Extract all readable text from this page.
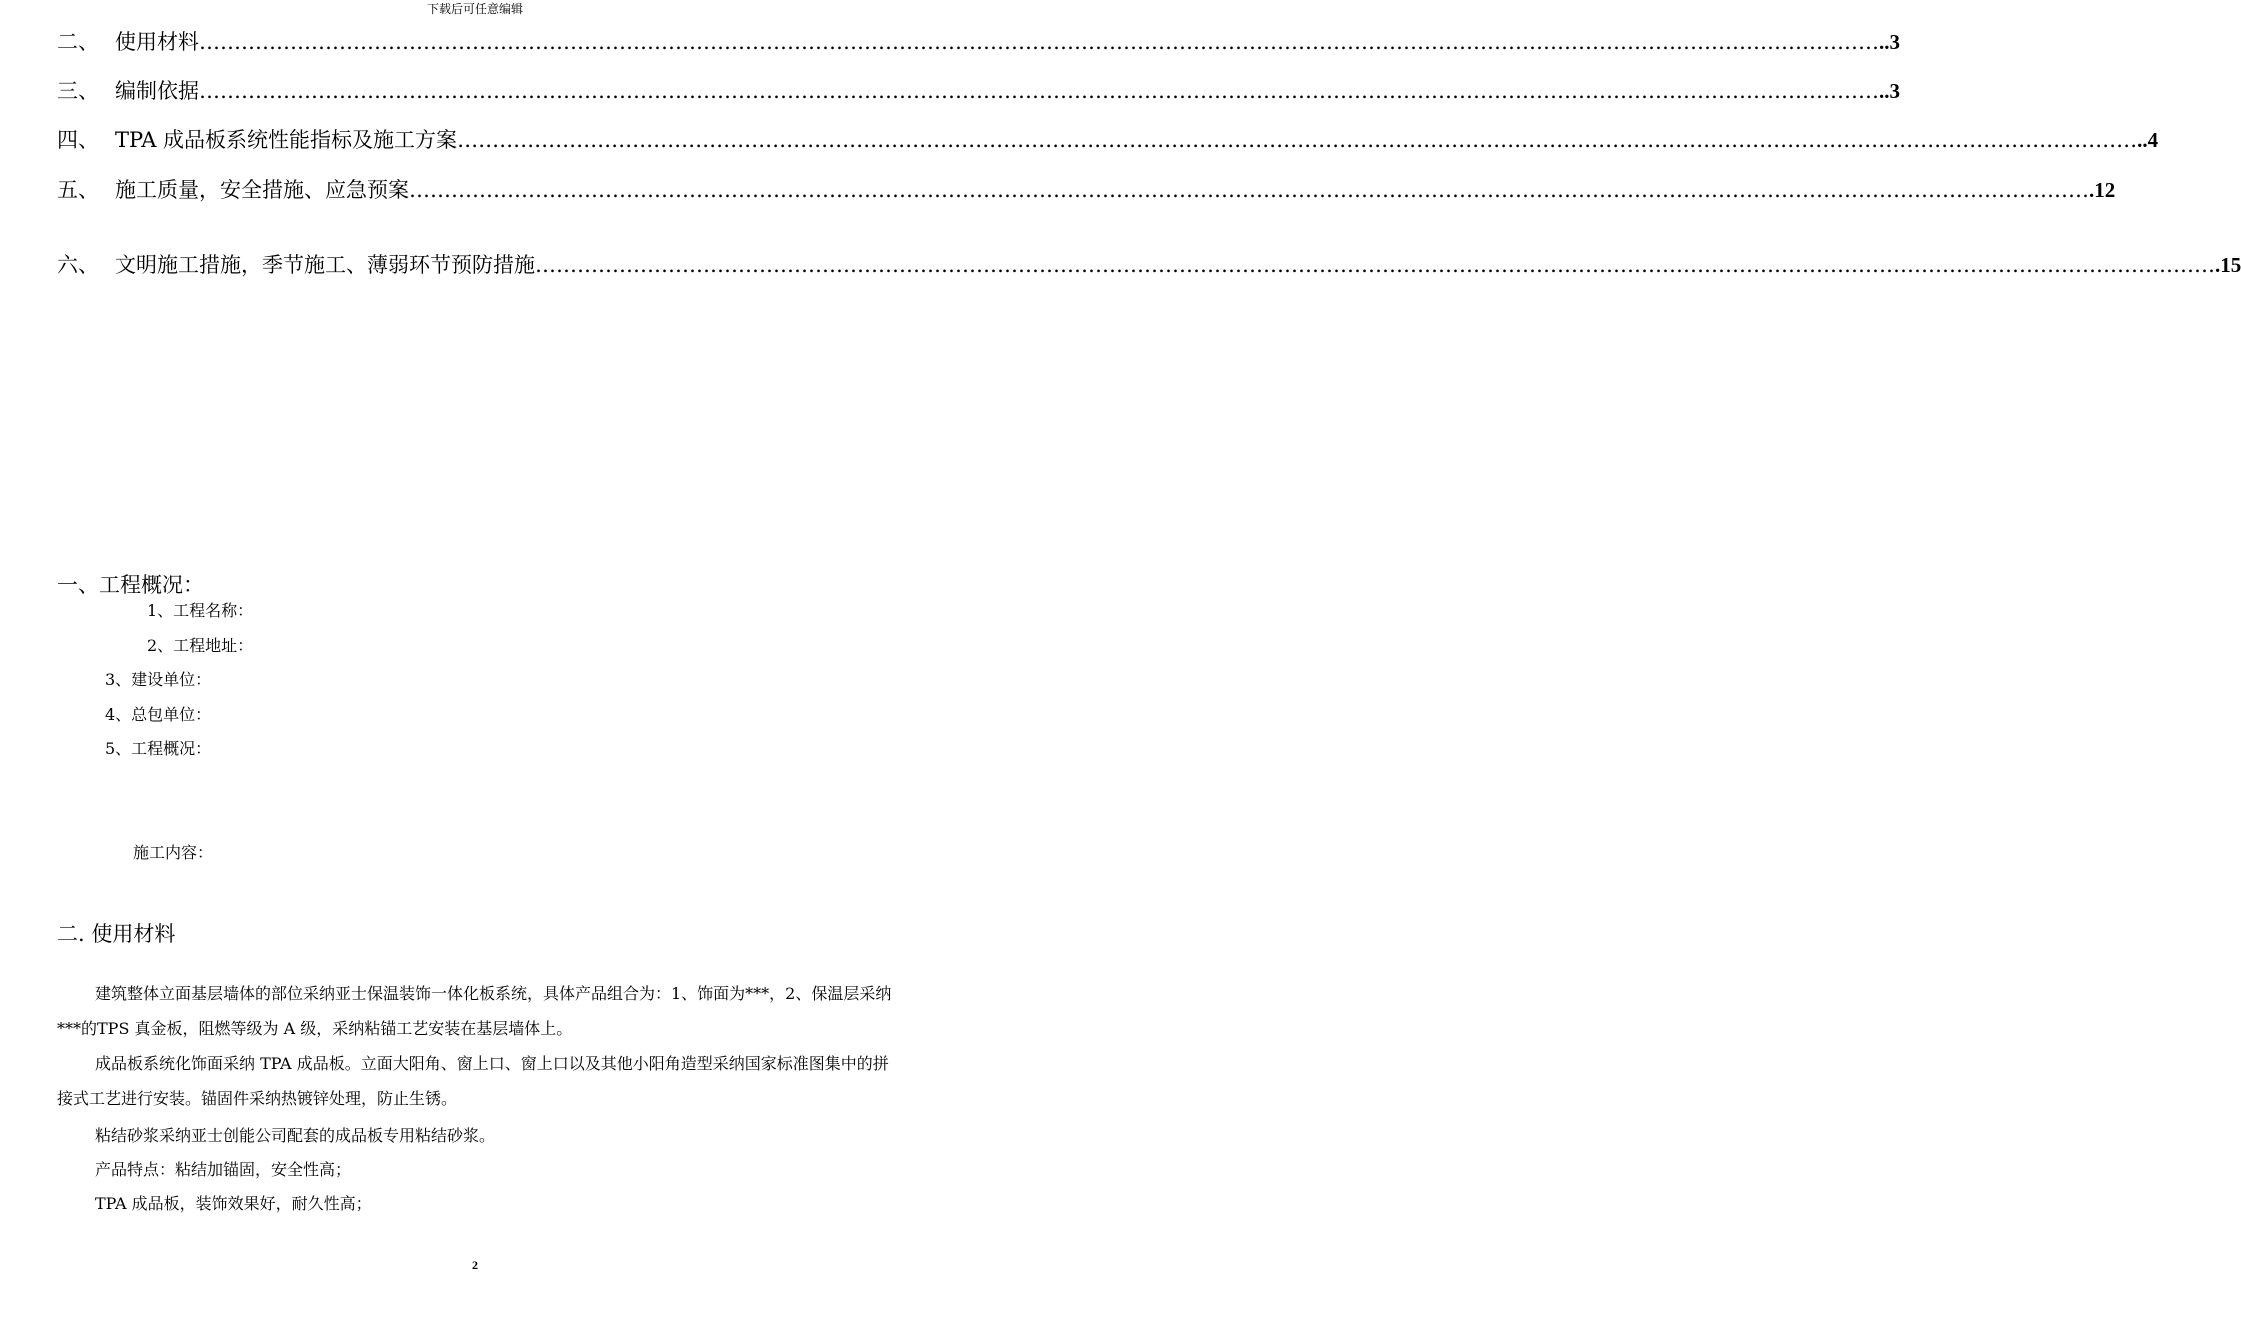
下载后可任意编辑
二、 使用材料 …………………………………………………………………………………………………………………………………………………………………………………………………………………… ..3
三、 编制依据 …………………………………………………………………………………………………………………………………………………………………………………………………………………… ..3
四、 TPA 成品板系统性能指标及施工方案 …………………………………………………………………………………………………………………………………………………………………………………………………………………… ..4
五、 施工质量，安全措施、应急预案 …………………………………………………………………………………………………………………………………………………………………………………………………………………… .12
六、 文明施工措施，季节施工、薄弱环节预防措施 …………………………………………………………………………………………………………………………………………………………………………………………………………………… .15
一、工程概况：
1、工程名称：
2、工程地址：
3、建设单位：
4、总包单位：
5、工程概况：
施工内容：
二. 使用材料
建筑整体立面基层墙体的部位采纳亚士保温装饰一体化板系统，具体产品组合为：1、饰面为***，2、保温层采纳***的TPS 真金板，阻燃等级为 A 级，采纳粘锚工艺安装在基层墙体上。
成品板系统化饰面采纳 TPA 成品板。立面大阳角、窗上口、窗上口以及其他小阳角造型采纳国家标准图集中的拼接式工艺进行安装。锚固件采纳热镀锌处理，防止生锈。
粘结砂浆采纳亚士创能公司配套的成品板专用粘结砂浆。
产品特点：粘结加锚固，安全性高；
TPA 成品板，装饰效果好，耐久性高；
2
